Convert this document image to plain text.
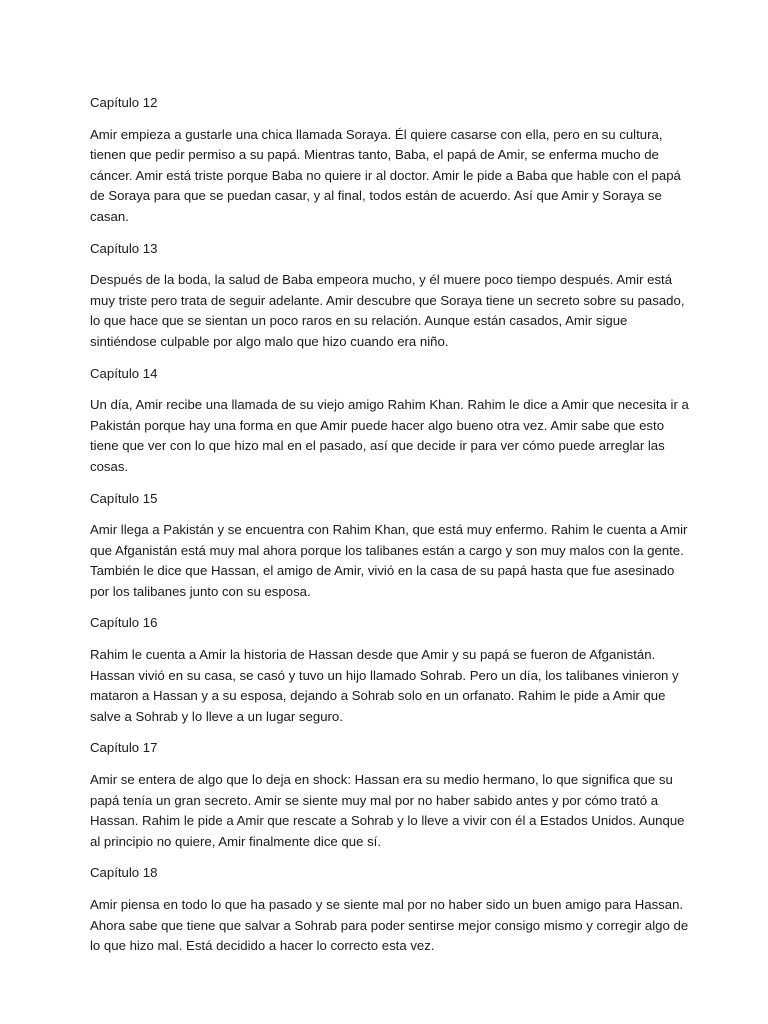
Capítulo 12

Amir empieza a gustarle una chica llamada Soraya. Él quiere casarse con ella, pero en su cultura, tienen que pedir permiso a su papá. Mientras tanto, Baba, el papá de Amir, se enferma mucho de cáncer. Amir está triste porque Baba no quiere ir al doctor. Amir le pide a Baba que hable con el papá de Soraya para que se puedan casar, y al final, todos están de acuerdo. Así que Amir y Soraya se casan.

Capítulo 13

Después de la boda, la salud de Baba empeora mucho, y él muere poco tiempo después. Amir está muy triste pero trata de seguir adelante. Amir descubre que Soraya tiene un secreto sobre su pasado, lo que hace que se sientan un poco raros en su relación. Aunque están casados, Amir sigue sintiéndose culpable por algo malo que hizo cuando era niño.

Capítulo 14

Un día, Amir recibe una llamada de su viejo amigo Rahim Khan. Rahim le dice a Amir que necesita ir a Pakistán porque hay una forma en que Amir puede hacer algo bueno otra vez. Amir sabe que esto tiene que ver con lo que hizo mal en el pasado, así que decide ir para ver cómo puede arreglar las cosas.

Capítulo 15

Amir llega a Pakistán y se encuentra con Rahim Khan, que está muy enfermo. Rahim le cuenta a Amir que Afganistán está muy mal ahora porque los talibanes están a cargo y son muy malos con la gente. También le dice que Hassan, el amigo de Amir, vivió en la casa de su papá hasta que fue asesinado por los talibanes junto con su esposa.

Capítulo 16

Rahim le cuenta a Amir la historia de Hassan desde que Amir y su papá se fueron de Afganistán. Hassan vivió en su casa, se casó y tuvo un hijo llamado Sohrab. Pero un día, los talibanes vinieron y mataron a Hassan y a su esposa, dejando a Sohrab solo en un orfanato. Rahim le pide a Amir que salve a Sohrab y lo lleve a un lugar seguro.

Capítulo 17

Amir se entera de algo que lo deja en shock: Hassan era su medio hermano, lo que significa que su papá tenía un gran secreto. Amir se siente muy mal por no haber sabido antes y por cómo trató a Hassan. Rahim le pide a Amir que rescate a Sohrab y lo lleve a vivir con él a Estados Unidos. Aunque al principio no quiere, Amir finalmente dice que sí.

Capítulo 18

Amir piensa en todo lo que ha pasado y se siente mal por no haber sido un buen amigo para Hassan. Ahora sabe que tiene que salvar a Sohrab para poder sentirse mejor consigo mismo y corregir algo de lo que hizo mal. Está decidido a hacer lo correcto esta vez.
